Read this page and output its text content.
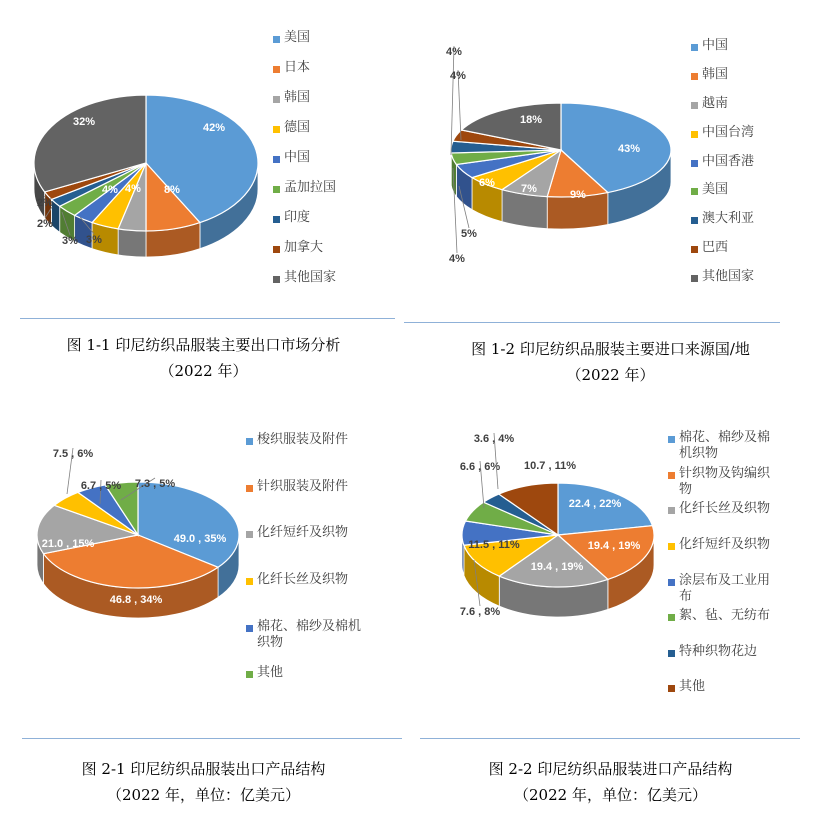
42%
8%
4%
4%
3%
3%
2%
2%
32%
美国
日本
韩国
德国
中国
孟加拉国
印度
加拿大
其他国家
图 1-1 印尼纺织品服装主要出口市场分析
（2022 年）
43%
9%
7%
6%
5%
4%
4%
4%
18%
中国
韩国
越南
中国台湾
中国香港
美国
澳大利亚
巴西
其他国家
图 1-2 印尼纺织品服装主要进口来源国/地
（2022 年）
49.0 , 35%
46.8 , 34%
21.0 , 15%
7.5 , 6%
6.7 , 5% 7.3 , 5%
梭织服装及附件
针织服装及附件
化纤短纤及织物
化纤长丝及织物
棉花、棉纱及棉机织物
其他
图 2-1 印尼纺织品服装出口产品结构
（2022 年，单位：亿美元）
22.4 , 22%
19.4 , 19%
19.4 , 19%
11.5 , 11%
7.6 , 8%
6.6 , 6%
3.6 , 4%
10.7 , 11%
棉花、棉纱及棉机织物
针织物及钩编织物
化纤长丝及织物
化纤短纤及织物
涂层布及工业用布
絮、毡、无纺布
特种织物花边
其他
图 2-2 印尼纺织品服装进口产品结构
（2022 年，单位：亿美元）
